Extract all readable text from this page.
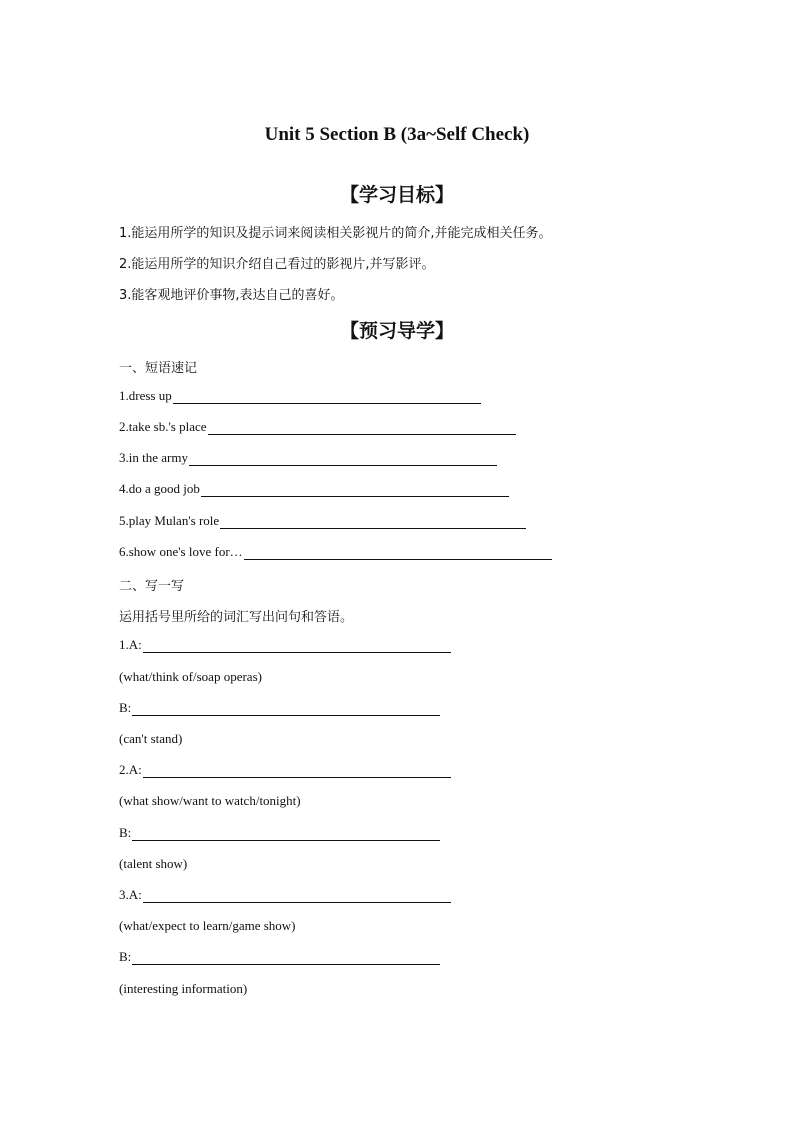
Unit 5 Section B (3a~Self Check)
【学习目标】
1.能运用所学的知识及提示词来阅读相关影视片的简介,并能完成相关任务。
2.能运用所学的知识介绍自己看过的影视片,并写影评。
3.能客观地评价事物,表达自己的喜好。
【预习导学】
一、短语速记
1.dress up
2.take sb.'s place
3.in the army
4.do a good job
5.play Mulan's role
6.show one's love for…
二、写一写
运用括号里所给的词汇写出问句和答语。
1.A:
(what/think of/soap operas)
B:
(can't stand)
2.A:
(what show/want to watch/tonight)
B:
(talent show)
3.A:
(what/expect to learn/game show)
B:
(interesting information)
